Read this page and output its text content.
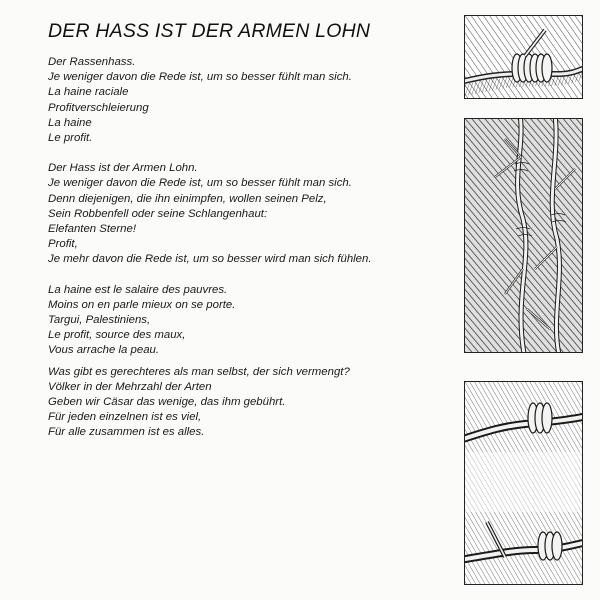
DER HASS IST DER ARMEN LOHN
Der Rassenhass.
Je weniger davon die Rede ist, um so besser fühlt man sich.
La haine raciale
Profitverschleierung
La haine
Le profit.
Der Hass ist der Armen Lohn.
Je weniger davon die Rede ist, um so besser fühlt man sich.
Denn diejenigen, die ihn einimpfen, wollen seinen Pelz,
Sein Robbenfell oder seine Schlangenhaut:
Elefanten Sterne!
Profit,
Je mehr davon die Rede ist, um so besser wird man sich fühlen.
La haine est le salaire des pauvres.
Moins on en parle mieux on se porte.
Targui, Palestiniens,
Le profit, source des maux,
Vous arrache la peau.
Was gibt es gerechteres als man selbst, der sich vermengt?
Völker in der Mehrzahl der Arten
Geben wir Cäsar das wenige, das ihm gebührt.
Für jeden einzelnen ist es viel,
Für alle zusammen ist es alles.
